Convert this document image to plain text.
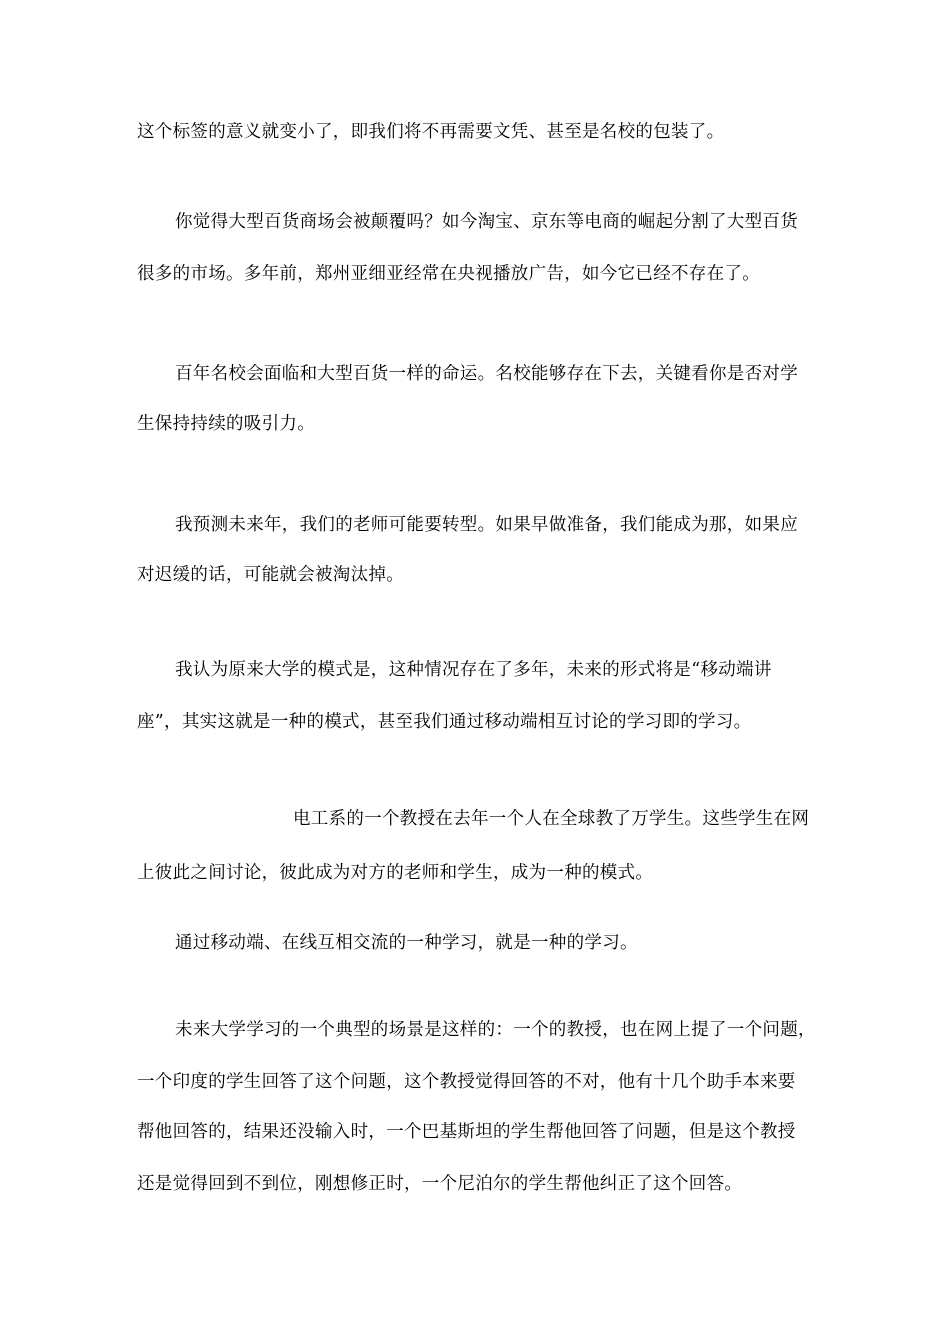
这个标签的意义就变小了，即我们将不再需要文凭、甚至是名校的包装了。
你觉得大型百货商场会被颠覆吗？如今淘宝、京东等电商的崛起分割了大型百货
很多的市场。多年前，郑州亚细亚经常在央视播放广告，如今它已经不存在了。
百年名校会面临和大型百货一样的命运。名校能够存在下去，关键看你是否对学
生保持持续的吸引力。
我预测未来年，我们的老师可能要转型。如果早做准备，我们能成为那，如果应
对迟缓的话，可能就会被淘汰掉。
我认为原来大学的模式是，这种情况存在了多年，未来的形式将是“移动端讲
座”，其实这就是一种的模式，甚至我们通过移动端相互讨论的学习即的学习。
电工系的一个教授在去年一个人在全球教了万学生。这些学生在网
上彼此之间讨论，彼此成为对方的老师和学生，成为一种的模式。
通过移动端、在线互相交流的一种学习，就是一种的学习。
未来大学学习的一个典型的场景是这样的：一个的教授，也在网上提了一个问题，
一个印度的学生回答了这个问题，这个教授觉得回答的不对，他有十几个助手本来要
帮他回答的，结果还没输入时，一个巴基斯坦的学生帮他回答了问题，但是这个教授
还是觉得回到不到位，刚想修正时，一个尼泊尔的学生帮他纠正了这个回答。
